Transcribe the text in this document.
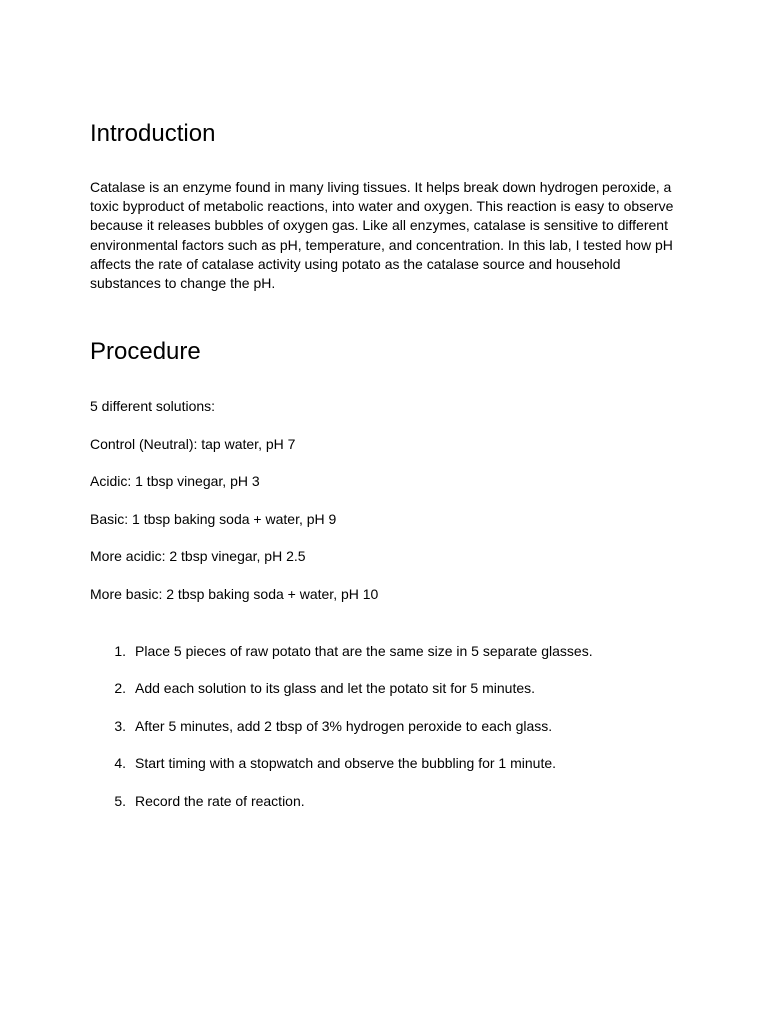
Introduction

Catalase is an enzyme found in many living tissues. It helps break down hydrogen peroxide, a toxic byproduct of metabolic reactions, into water and oxygen. This reaction is easy to observe because it releases bubbles of oxygen gas. Like all enzymes, catalase is sensitive to different environmental factors such as pH, temperature, and concentration. In this lab, I tested how pH affects the rate of catalase activity using potato as the catalase source and household substances to change the pH.

Procedure

5 different solutions:

Control (Neutral): tap water, pH 7

Acidic: 1 tbsp vinegar, pH 3

Basic: 1 tbsp baking soda + water, pH 9

More acidic: 2 tbsp vinegar, pH 2.5

More basic: 2 tbsp baking soda + water, pH 10

1. Place 5 pieces of raw potato that are the same size in 5 separate glasses.
2. Add each solution to its glass and let the potato sit for 5 minutes.
3. After 5 minutes, add 2 tbsp of 3% hydrogen peroxide to each glass.
4. Start timing with a stopwatch and observe the bubbling for 1 minute.
5. Record the rate of reaction.
